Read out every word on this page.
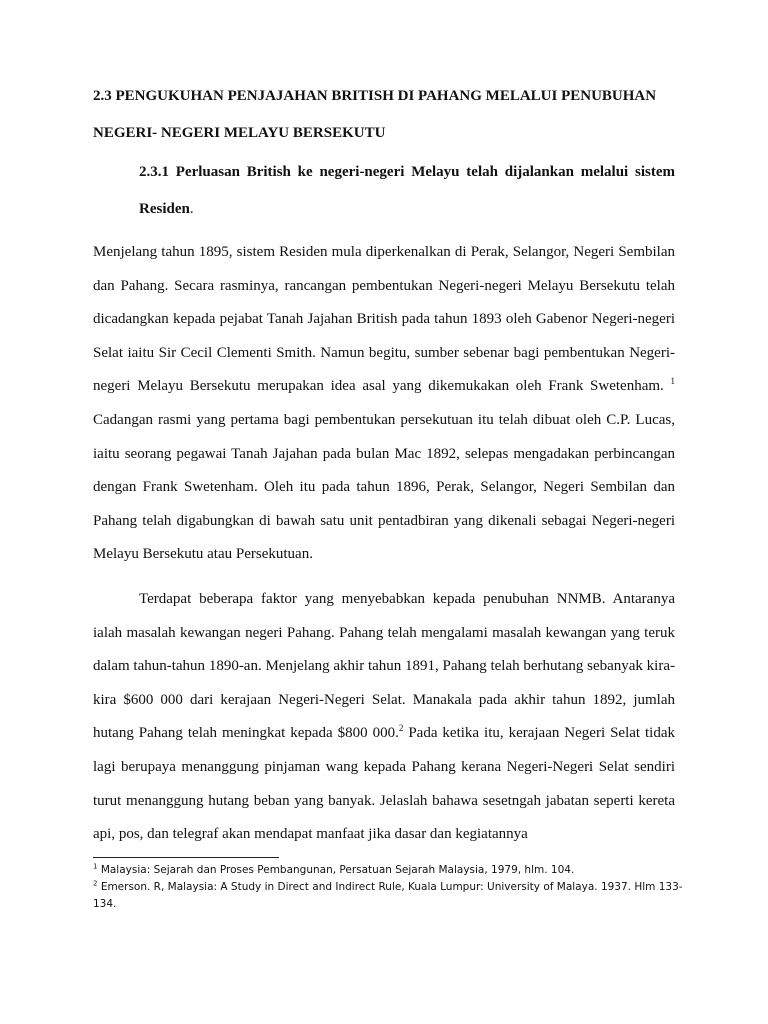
2.3 PENGUKUHAN PENJAJAHAN BRITISH DI PAHANG MELALUI PENUBUHAN
NEGERI- NEGERI MELAYU BERSEKUTU
2.3.1 Perluasan British ke negeri-negeri Melayu telah dijalankan melalui sistem Residen.

Menjelang tahun 1895, sistem Residen mula diperkenalkan di Perak, Selangor, Negeri Sembilan dan Pahang. Secara rasminya, rancangan pembentukan Negeri-negeri Melayu Bersekutu telah dicadangkan kepada pejabat Tanah Jajahan British pada tahun 1893 oleh Gabenor Negeri-negeri Selat iaitu Sir Cecil Clementi Smith. Namun begitu, sumber sebenar bagi pembentukan Negeri-negeri Melayu Bersekutu merupakan idea asal yang dikemukakan oleh Frank Swetenham. $^1$ Cadangan rasmi yang pertama bagi pembentukan persekutuan itu telah dibuat oleh C.P. Lucas, iaitu seorang pegawai Tanah Jajahan pada bulan Mac 1892, selepas mengadakan perbincangan dengan Frank Swetenham. Oleh itu pada tahun 1896, Perak, Selangor, Negeri Sembilan dan Pahang telah digabungkan di bawah satu unit pentadbiran yang dikenali sebagai Negeri-negeri Melayu Bersekutu atau Persekutuan.

Terdapat beberapa faktor yang menyebabkan kepada penubuhan NNMB. Antaranya ialah masalah kewangan negeri Pahang. Pahang telah mengalami masalah kewangan yang teruk dalam tahun-tahun 1890-an. Menjelang akhir tahun 1891, Pahang telah berhutang sebanyak kira-kira $600 000 dari kerajaan Negeri-Negeri Selat. Manakala pada akhir tahun 1892, jumlah hutang Pahang telah meningkat kepada $800 000.$^2$ Pada ketika itu, kerajaan Negeri Selat tidak lagi berupaya menanggung pinjaman wang kepada Pahang kerana Negeri-Negeri Selat sendiri turut menanggung hutang beban yang banyak. Jelaslah bahawa sesetngah jabatan seperti kereta api, pos, dan telegraf akan mendapat manfaat jika dasar dan kegiatannya

$^1$ Malaysia: Sejarah dan Proses Pembangunan, Persatuan Sejarah Malaysia, 1979, hlm. 104.

$^2$ Emerson. R, Malaysia: A Study in Direct and Indirect Rule, Kuala Lumpur: University of Malaya. 1937. Hlm 133-134.
